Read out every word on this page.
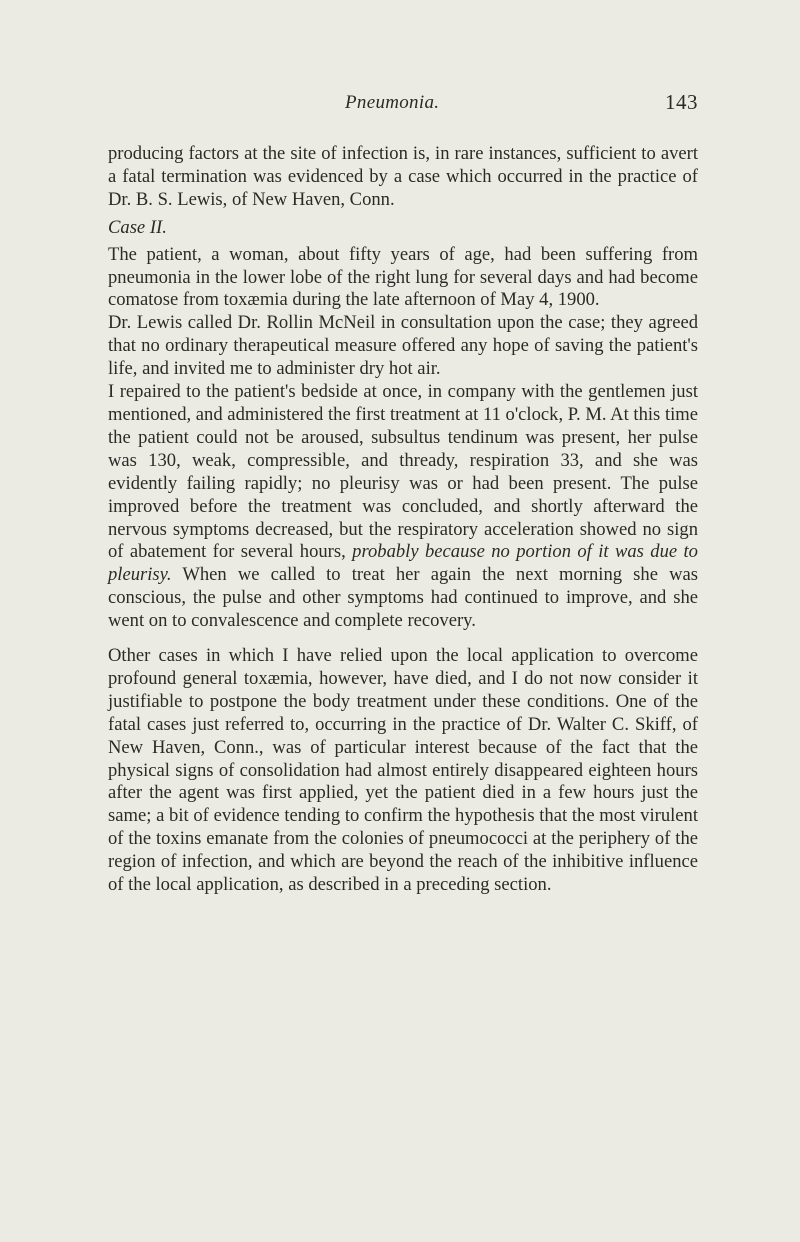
Pneumonia.	143

producing factors at the site of infection is, in rare instances, sufficient to avert a fatal termination was evidenced by a case which occurred in the practice of Dr. B. S. Lewis, of New Haven, Conn.

Case II.

The patient, a woman, about fifty years of age, had been suffering from pneumonia in the lower lobe of the right lung for several days and had become comatose from toxæmia during the late afternoon of May 4, 1900.

Dr. Lewis called Dr. Rollin McNeil in consultation upon the case; they agreed that no ordinary therapeutical measure offered any hope of saving the patient's life, and invited me to administer dry hot air.

I repaired to the patient's bedside at once, in company with the gentlemen just mentioned, and administered the first treatment at 11 o'clock, P. M. At this time the patient could not be aroused, subsultus tendinum was present, her pulse was 130, weak, compressible, and thready, respiration 33, and she was evidently failing rapidly; no pleurisy was or had been present. The pulse improved before the treatment was concluded, and shortly afterward the nervous symptoms decreased, but the respiratory acceleration showed no sign of abatement for several hours, probably because no portion of it was due to pleurisy. When we called to treat her again the next morning she was conscious, the pulse and other symptoms had continued to improve, and she went on to convalescence and complete recovery.

Other cases in which I have relied upon the local application to overcome profound general toxæmia, however, have died, and I do not now consider it justifiable to postpone the body treatment under these conditions. One of the fatal cases just referred to, occurring in the practice of Dr. Walter C. Skiff, of New Haven, Conn., was of particular interest because of the fact that the physical signs of consolidation had almost entirely disappeared eighteen hours after the agent was first applied, yet the patient died in a few hours just the same; a bit of evidence tending to confirm the hypothesis that the most virulent of the toxins emanate from the colonies of pneumococci at the periphery of the region of infection, and which are beyond the reach of the inhibitive influence of the local application, as described in a preceding section.
